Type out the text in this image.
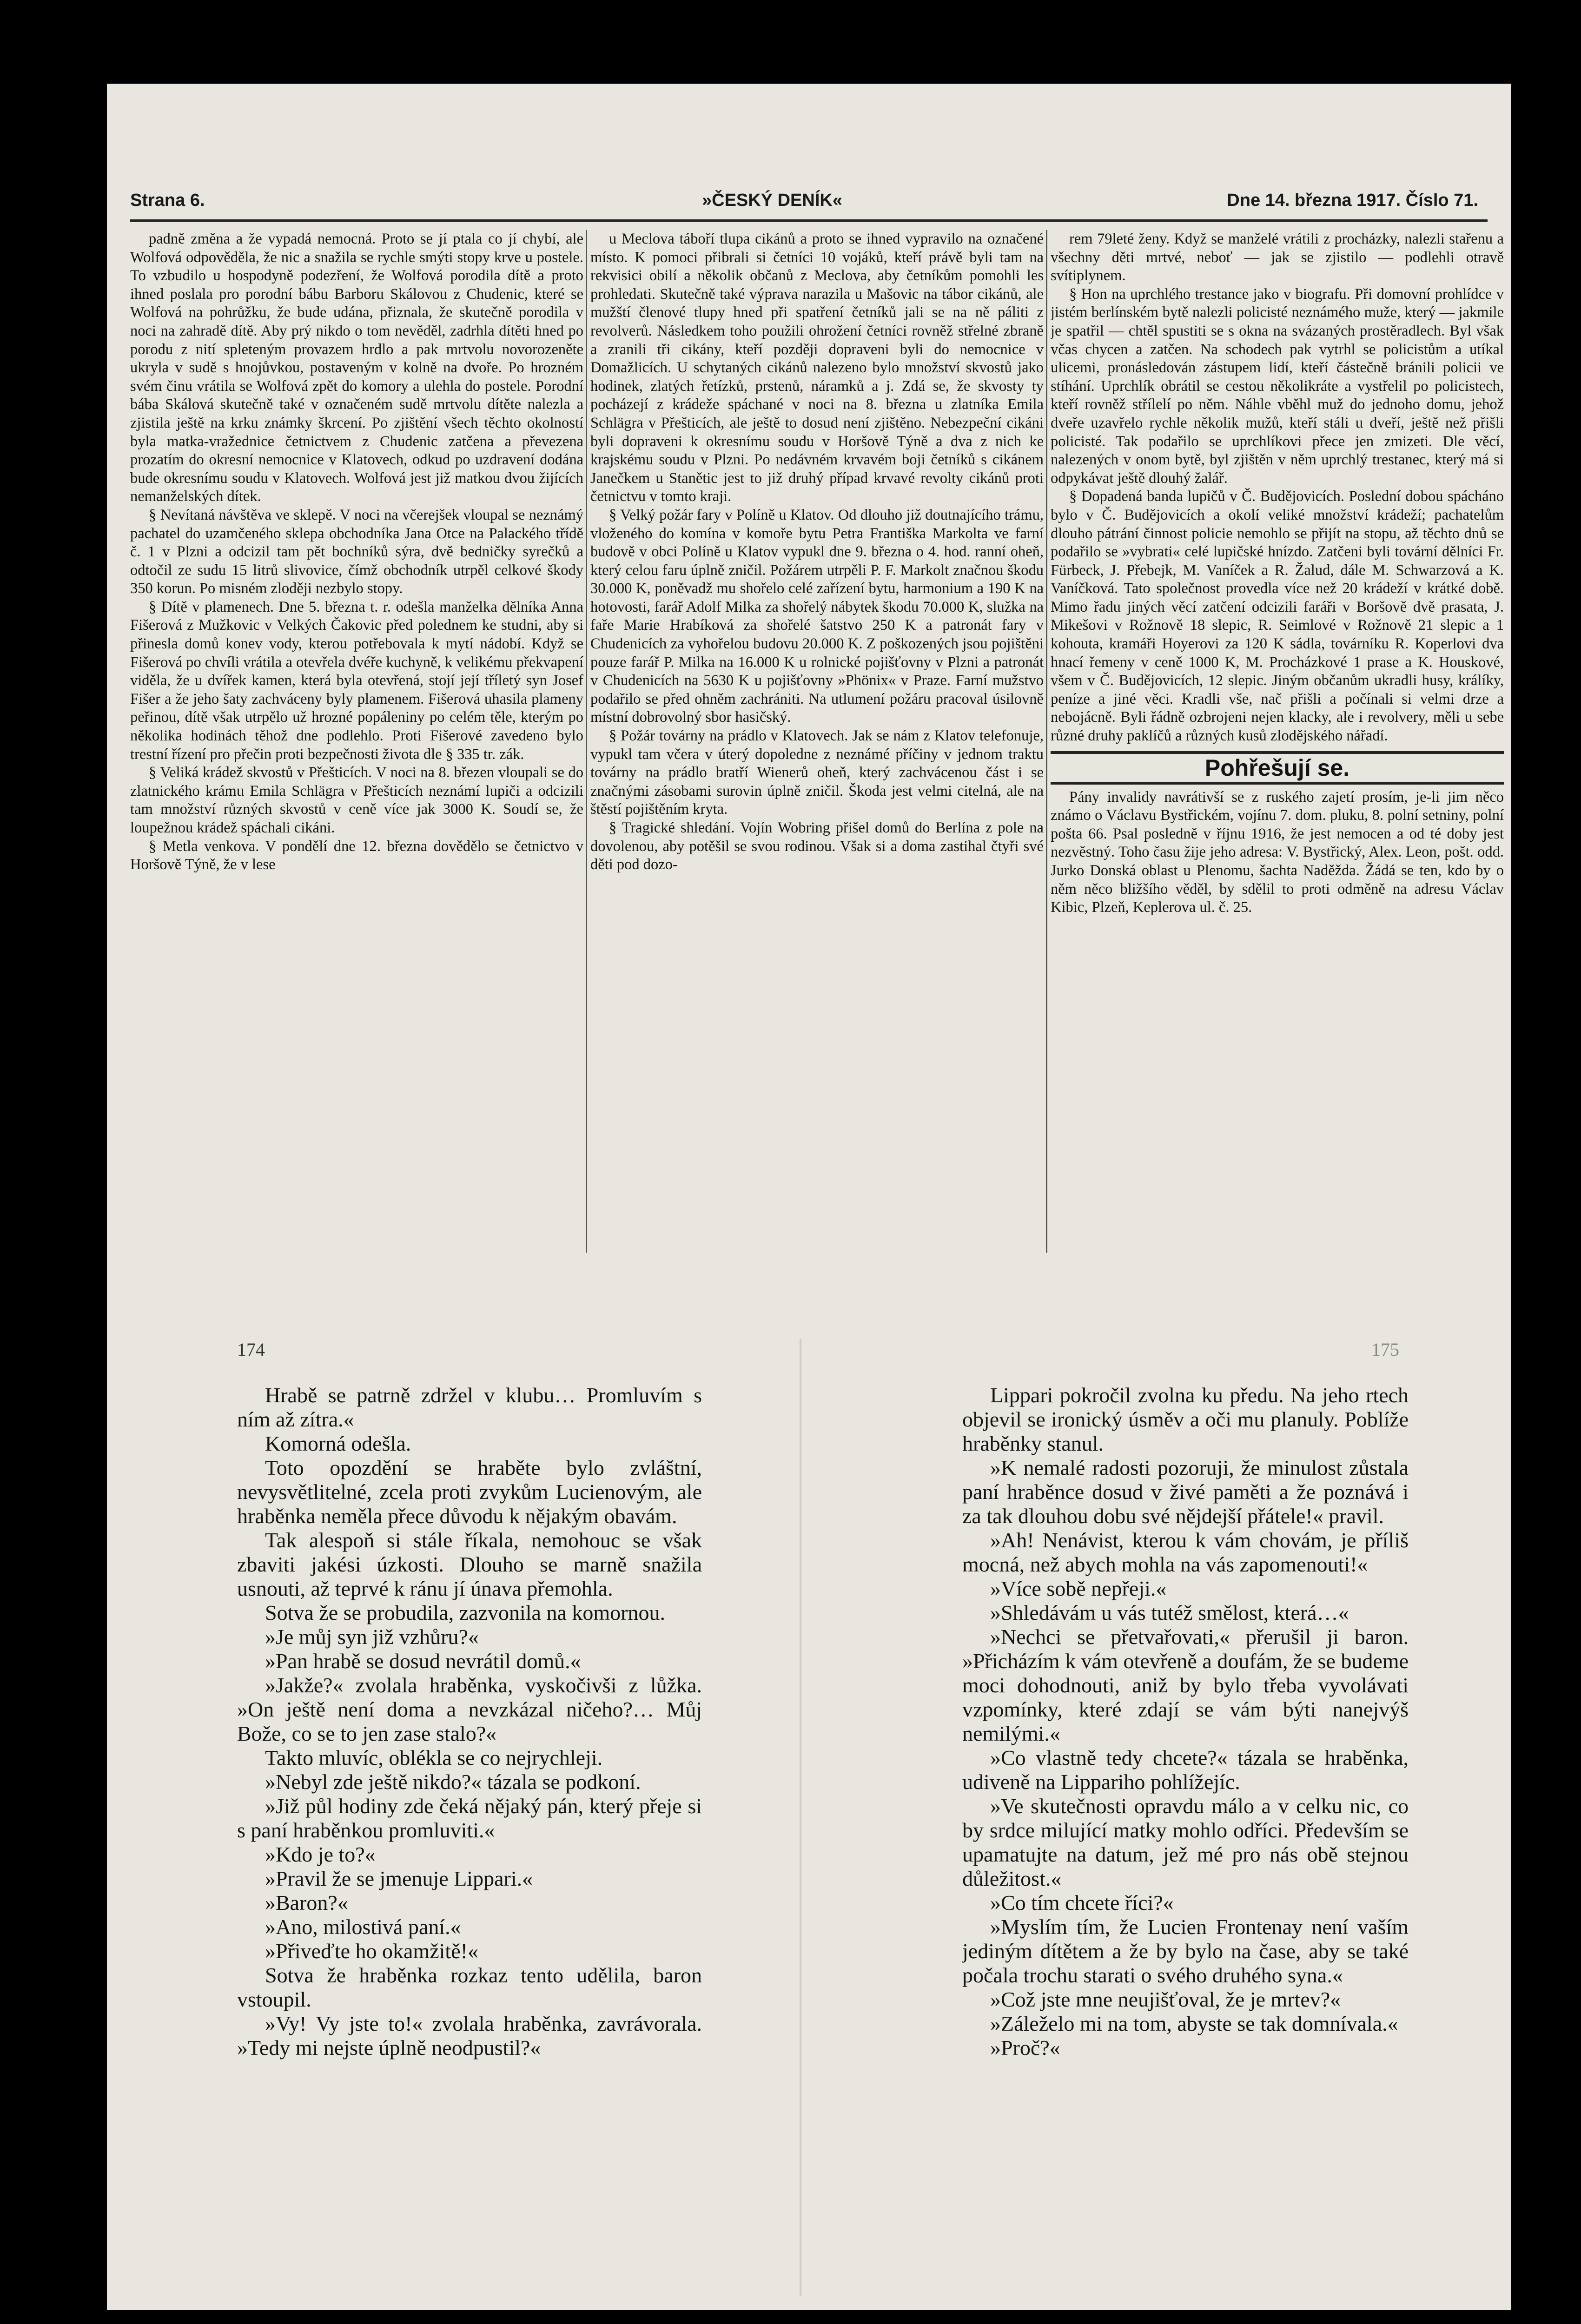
Strana 6.	»ČESKÝ DENÍK«	Dne 14. března 1917. Číslo 71.

padně změna a že vypadá nemocná. Proto se jí ptala co jí chybí, ale Wolfová odpověděla, že nic a snažila se rychle smýti stopy krve u postele. To vzbudilo u hospodyně podezření, že Wolfová porodila dítě a proto ihned poslala pro porodní bábu Barboru Skálovou z Chudenic, které se Wolfová na pohrůžku, že bude udána, přiznala, že skutečně porodila v noci na zahradě dítě. Aby prý nikdo o tom nevěděl, zadrhla dítěti hned po porodu z nití spleteným provazem hrdlo a pak mrtvolu novorozeněte ukryla v sudě s hnojůvkou, postaveným v kolně na dvoře. Po hrozném svém činu vrátila se Wolfová zpět do komory a ulehla do postele. Porodní bába Skálová skutečně také v označeném sudě mrtvolu dítěte nalezla a zjistila ještě na krku známky škrcení. Po zjištění všech těchto okolností byla matka-vražednice četnictvem z Chudenic zatčena a převezena prozatím do okresní nemocnice v Klatovech, odkud po uzdravení dodána bude okresnímu soudu v Klatovech. Wolfová jest již matkou dvou žijících nemanželských dítek.

§ Nevítaná návštěva ve sklepě. V noci na včerejšek vloupal se neznámý pachatel do uzamčeného sklepa obchodníka Jana Otce na Palackého třídě č. 1 v Plzni a odcizil tam pět bochníků sýra, dvě bedničky syrečků a odtočil ze sudu 15 litrů slivovice, čímž obchodník utrpěl celkové škody 350 korun. Po misném zloději nezbylo stopy.

§ Dítě v plamenech. Dne 5. března t. r. odešla manželka dělníka Anna Fišerová z Mužkovic v Velkých Čakovic před polednem ke studni, aby si přinesla domů konev vody, kterou potřebovala k mytí nádobí. Když se Fišerová po chvíli vrátila a otevřela dvéře kuchyně, k velikému překvapení viděla, že u dvířek kamen, která byla otevřená, stojí její tříletý syn Josef Fišer a že jeho šaty zachváceny byly plamenem. Fišerová uhasila plameny peřinou, dítě však utrpělo už hrozné popáleniny po celém těle, kterým po několika hodinách těhož dne podlehlo. Proti Fišerové zavedeno bylo trestní řízení pro přečin proti bezpečnosti života dle § 335 tr. zák.

§ Veliká krádež skvostů v Přešticích. V noci na 8. březen vloupali se do zlatnického krámu Emila Schlägra v Přešticích neznámí lupiči a odcizili tam množství různých skvostů v ceně více jak 3000 K. Soudí se, že loupežnou krádež spáchali cikáni.

§ Metla venkova. V pondělí dne 12. března dovědělo se četnictvo v Horšově Týně, že v lese

u Meclova táboří tlupa cikánů a proto se ihned vypravilo na označené místo. K pomoci přibrali si četníci 10 vojáků, kteří právě byli tam na rekvisici obilí a několik občanů z Meclova, aby četníkům pomohli les prohledati. Skutečně také výprava narazila u Mašovic na tábor cikánů, ale mužští členové tlupy hned při spatření četníků jali se na ně páliti z revolverů. Následkem toho použili ohrožení četníci rovněž střelné zbraně a zranili tři cikány, kteří později dopraveni byli do nemocnice v Domažlicích. U schytaných cikánů nalezeno bylo množství skvostů jako hodinek, zlatých řetízků, prstenů, náramků a j. Zdá se, že skvosty ty pocházejí z krádeže spáchané v noci na 8. března u zlatníka Emila Schlägra v Přešticích, ale ještě to dosud není zjištěno. Nebezpeční cikáni byli dopraveni k okresnímu soudu v Horšově Týně a dva z nich ke krajskému soudu v Plzni. Po nedávném krvavém boji četníků s cikánem Janečkem u Stanětic jest to již druhý případ krvavé revolty cikánů proti četnictvu v tomto kraji.

§ Velký požár fary v Políně u Klatov. Od dlouho již doutnajícího trámu, vloženého do komína v komoře bytu Petra Františka Markolta ve farní budově v obci Políně u Klatov vypukl dne 9. března o 4. hod. ranní oheň, který celou faru úplně zničil. Požárem utrpěli P. F. Markolt značnou škodu 30.000 K, poněvadž mu shořelo celé zařízení bytu, harmonium a 190 K na hotovosti, farář Adolf Milka za shořelý nábytek škodu 70.000 K, služka na faře Marie Hrabíková za shořelé šatstvo 250 K a patronát fary v Chudenicích za vyhořelou budovu 20.000 K. Z poškozených jsou pojištěni pouze farář P. Milka na 16.000 K u rolnické pojišťovny v Plzni a patronát v Chudenicích na 5630 K u pojišťovny »Phönix« v Praze. Farní mužstvo podařilo se před ohněm zachrániti. Na utlumení požáru pracoval úsilovně místní dobrovolný sbor hasičský.

§ Požár továrny na prádlo v Klatovech. Jak se nám z Klatov telefonuje, vypukl tam včera v úterý dopoledne z neznámé příčiny v jednom traktu továrny na prádlo bratří Wienerů oheň, který zachvácenou část i se značnými zásobami surovin úplně zničil. Škoda jest velmi citelná, ale na štěstí pojištěním kryta.

§ Tragické shledání. Vojín Wobring přišel domů do Berlína z pole na dovolenou, aby potěšil se svou rodinou. Však si a doma zastihal čtyři své děti pod dozo-

rem 79leté ženy. Když se manželé vrátili z procházky, nalezli stařenu a všechny děti mrtvé, neboť — jak se zjistilo — podlehli otravě svítiplynem.

§ Hon na uprchlého trestance jako v biografu. Při domovní prohlídce v jistém berlínském bytě nalezli policisté neznámého muže, který — jakmile je spatřil — chtěl spustiti se s okna na svázaných prostěradlech. Byl však včas chycen a zatčen. Na schodech pak vytrhl se policistům a utíkal ulicemi, pronásledován zástupem lidí, kteří částečně bránili policii ve stíhání. Uprchlík obrátil se cestou několikráte a vystřelil po policistech, kteří rovněž střílelí po něm. Náhle vběhl muž do jednoho domu, jehož dveře uzavřelo rychle několik mužů, kteří stáli u dveří, ještě než přišli policisté. Tak podařilo se uprchlíkovi přece jen zmizeti. Dle věcí, nalezených v onom bytě, byl zjištěn v něm uprchlý trestanec, který má si odpykávat ještě dlouhý žalář.

§ Dopadená banda lupičů v Č. Budějovicích. Poslední dobou spácháno bylo v Č. Budějovicích a okolí veliké množství krádeží; pachatelům dlouho pátrání činnost policie nemohlo se přijít na stopu, až těchto dnů se podařilo se »vybrati« celé lupičské hnízdo. Zatčeni byli tovární dělníci Fr. Fürbeck, J. Přebejk, M. Vaníček a R. Žalud, dále M. Schwarzová a K. Vaníčková. Tato společnost provedla více než 20 krádeží v krátké době. Mimo řadu jiných věcí zatčení odcizili faráři v Boršově dvě prasata, J. Mikešovi v Rožnově 18 slepic, R. Seimlové v Rožnově 21 slepic a 1 kohouta, kramáři Hoyerovi za 120 K sádla, továrníku R. Koperlovi dva hnací řemeny v ceně 1000 K, M. Procházkové 1 prase a K. Houskové, všem v Č. Budějovicích, 12 slepic. Jiným občanům ukradli husy, králíky, peníze a jiné věci. Kradli vše, nač přišli a počínali si velmi drze a nebojácně. Byli řádně ozbrojeni nejen klacky, ale i revolvery, měli u sebe různé druhy paklíčů a různých kusů zlodějského nářadí.

Pohřešují se.

Pány invalidy navrátivší se z ruského zajetí prosím, je-li jim něco známo o Václavu Bystřickém, vojínu 7. dom. pluku, 8. polní setniny, polní pošta 66. Psal posledně v říjnu 1916, že jest nemocen a od té doby jest nezvěstný. Toho času žije jeho adresa: V. Bystřický, Alex. Leon, pošt. odd. Jurko Donská oblast u Plenomu, šachta Naděžda. Žádá se ten, kdo by o něm něco bližšího věděl, by sdělil to proti odměně na adresu Václav Kibic, Plzeň, Keplerova ul. č. 25.

174	175

Hrabě se patrně zdržel v klubu… Promluvím s ním až zítra.«

Komorná odešla.

Toto opozdění se hraběte bylo zvláštní, nevysvětlitelné, zcela proti zvykům Lucienovým, ale hraběnka neměla přece důvodu k nějakým obavám.

Tak alespoň si stále říkala, nemohouc se však zbaviti jakési úzkosti. Dlouho se marně snažila usnouti, až teprvé k ránu jí únava přemohla.

Sotva že se probudila, zazvonila na komornou.

»Je můj syn již vzhůru?«

»Pan hrabě se dosud nevrátil domů.«

»Jakže?« zvolala hraběnka, vyskočivši z lůžka. »On ještě není doma a nevzkázal ničeho?… Můj Bože, co se to jen zase stalo?«

Takto mluvíc, oblékla se co nejrychleji.

»Nebyl zde ještě nikdo?« tázala se podkoní.

»Již půl hodiny zde čeká nějaký pán, který přeje si s paní hraběnkou promluviti.«

»Kdo je to?«

»Pravil že se jmenuje Lippari.«

»Baron?«

»Ano, milostivá paní.«

»Přiveďte ho okamžitě!«

Sotva že hraběnka rozkaz tento udělila, baron vstoupil.

»Vy! Vy jste to!« zvolala hraběnka, zavrávorala. »Tedy mi nejste úplně neodpustil?«

Lippari pokročil zvolna ku předu. Na jeho rtech objevil se ironický úsměv a oči mu planuly. Poblíže hraběnky stanul.

»K nemalé radosti pozoruji, že minulost zůstala paní hraběnce dosud v živé paměti a že poznává i za tak dlouhou dobu své nějdejší přátele!« pravil.

»Ah! Nenávist, kterou k vám chovám, je příliš mocná, než abych mohla na vás zapomenouti!«

»Více sobě nepřeji.«

»Shledávám u vás tutéž smělost, která…«

»Nechci se přetvařovati,« přerušil ji baron. »Přicházím k vám otevřeně a doufám, že se budeme moci dohodnouti, aniž by bylo třeba vyvolávati vzpomínky, které zdají se vám býti nanejvýš nemilými.«

»Co vlastně tedy chcete?« tázala se hraběnka, udiveně na Lippariho pohlížejíc.

»Ve skutečnosti opravdu málo a v celku nic, co by srdce milující matky mohlo odříci. Především se upamatujte na datum, jež mé pro nás obě stejnou důležitost.«

»Co tím chcete říci?«

»Myslím tím, že Lucien Frontenay není vaším jediným dítětem a že by bylo na čase, aby se také počala trochu starati o svého druhého syna.«

»Což jste mne neujišťoval, že je mrtev?«

»Záleželo mi na tom, abyste se tak domnívala.«

»Proč?«
